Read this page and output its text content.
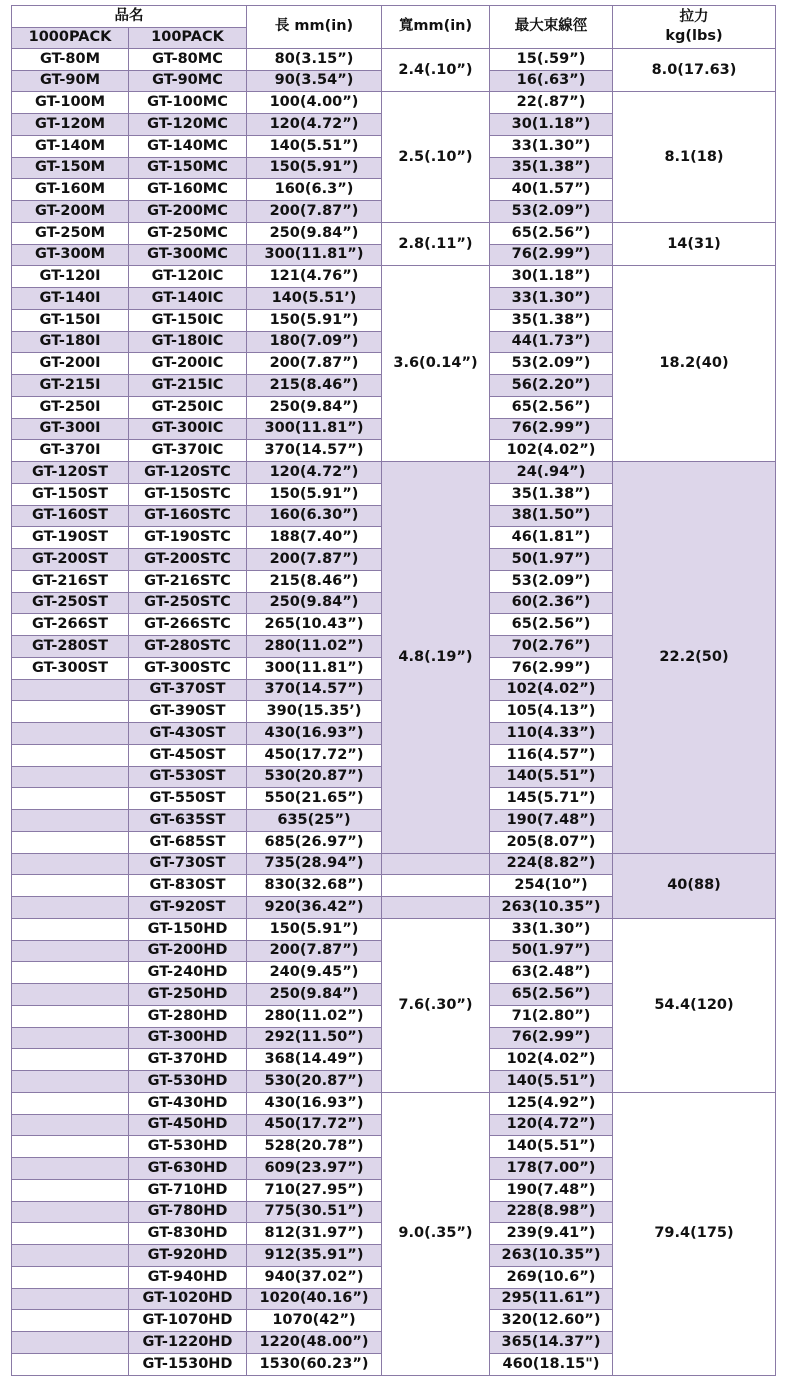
品名		長 mm(in)	寬mm(in)	最大束線徑	拉力
kg(lbs)

1000PACK	100PACK				
GT-80M	GT-80MC	80(3.15”)	2.4(.10”)	15(.59”)	8.0(17.63)
GT-90M	GT-90MC	90(3.54”)		16(.63”)	
GT-100M	GT-100MC	100(4.00”)	2.5(.10”)	22(.87”)	8.1(18)
GT-120M	GT-120MC	120(4.72”)		30(1.18”)	
GT-140M	GT-140MC	140(5.51”)		33(1.30”)	
GT-150M	GT-150MC	150(5.91”)		35(1.38”)	
GT-160M	GT-160MC	160(6.3”)		40(1.57”)	
GT-200M	GT-200MC	200(7.87”)		53(2.09”)	
GT-250M	GT-250MC	250(9.84”)	2.8(.11”)	65(2.56”)	14(31)
GT-300M	GT-300MC	300(11.81”)		76(2.99”)	
GT-120I	GT-120IC	121(4.76”)	3.6(0.14”)	30(1.18”)	18.2(40)
GT-140I	GT-140IC	140(5.51’)		33(1.30”)	
GT-150I	GT-150IC	150(5.91”)		35(1.38”)	
GT-180I	GT-180IC	180(7.09”)		44(1.73”)	
GT-200I	GT-200IC	200(7.87”)		53(2.09”)	
GT-215I	GT-215IC	215(8.46”)		56(2.20”)	
GT-250I	GT-250IC	250(9.84”)		65(2.56”)	
GT-300I	GT-300IC	300(11.81”)		76(2.99”)	
GT-370I	GT-370IC	370(14.57”)		102(4.02”)	
GT-120ST	GT-120STC	120(4.72”)	4.8(.19”)	24(.94”)	22.2(50)
GT-150ST	GT-150STC	150(5.91”)		35(1.38”)	
GT-160ST	GT-160STC	160(6.30”)		38(1.50”)	
GT-190ST	GT-190STC	188(7.40”)		46(1.81”)	
GT-200ST	GT-200STC	200(7.87”)		50(1.97”)	
GT-216ST	GT-216STC	215(8.46”)		53(2.09”)	
GT-250ST	GT-250STC	250(9.84”)		60(2.36”)	
GT-266ST	GT-266STC	265(10.43”)		65(2.56”)	
GT-280ST	GT-280STC	280(11.02”)		70(2.76”)	
GT-300ST	GT-300STC	300(11.81”)		76(2.99”)	
	GT-370ST	370(14.57”)		102(4.02”)	
	GT-390ST	390(15.35’)		105(4.13”)	
	GT-430ST	430(16.93”)		110(4.33”)	
	GT-450ST	450(17.72”)		116(4.57”)	
	GT-530ST	530(20.87”)		140(5.51”)	
	GT-550ST	550(21.65”)		145(5.71”)	
	GT-635ST	635(25”)		190(7.48”)	
	GT-685ST	685(26.97”)		205(8.07”)	
	GT-730ST	735(28.94”)		224(8.82”)	40(88)
	GT-830ST	830(32.68”)		254(10”)	
	GT-920ST	920(36.42”)		263(10.35”)	
	GT-150HD	150(5.91”)	7.6(.30”)	33(1.30”)	54.4(120)
	GT-200HD	200(7.87”)		50(1.97”)	
	GT-240HD	240(9.45”)		63(2.48”)	
	GT-250HD	250(9.84”)		65(2.56”)	
	GT-280HD	280(11.02”)		71(2.80”)	
	GT-300HD	292(11.50”)		76(2.99”)	
	GT-370HD	368(14.49”)		102(4.02”)	
	GT-530HD	530(20.87”)		140(5.51”)	
	GT-430HD	430(16.93”)	9.0(.35”)	125(4.92”)	79.4(175)
	GT-450HD	450(17.72”)		120(4.72”)	
	GT-530HD	528(20.78”)		140(5.51”)	
	GT-630HD	609(23.97”)		178(7.00”)	
	GT-710HD	710(27.95”)		190(7.48”)	
	GT-780HD	775(30.51”)		228(8.98”)	
	GT-830HD	812(31.97”)		239(9.41”)	
	GT-920HD	912(35.91”)		263(10.35”)	
	GT-940HD	940(37.02”)		269(10.6”)	
	GT-1020HD	1020(40.16”)		295(11.61”)	
	GT-1070HD	1070(42”)		320(12.60”)	
	GT-1220HD	1220(48.00”)		365(14.37”)	
	GT-1530HD	1530(60.23”)		460(18.15")	
